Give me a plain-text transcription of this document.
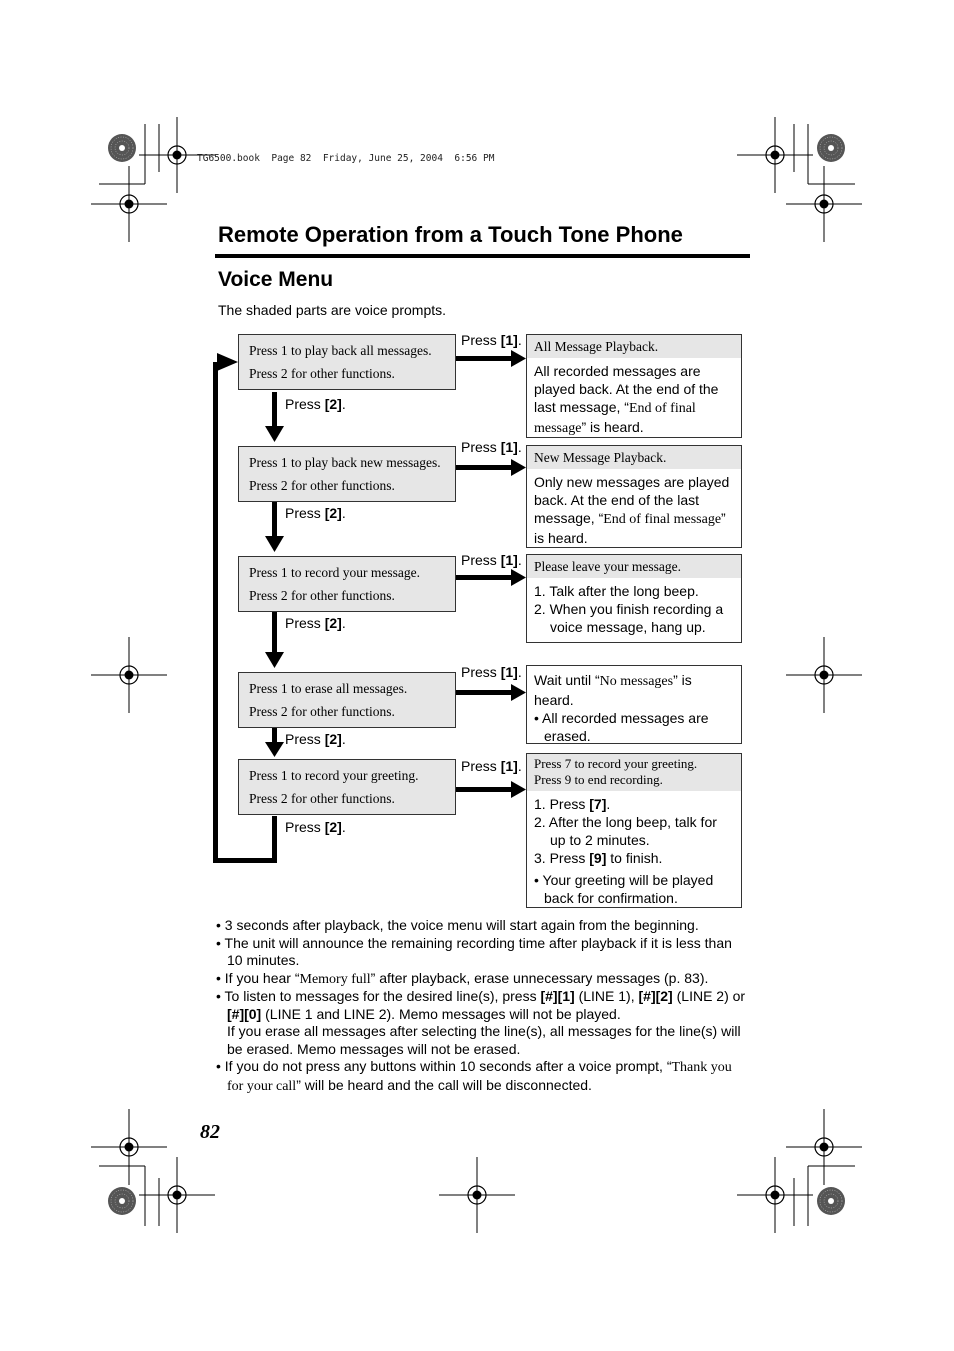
TG6500.book  Page 82  Friday, June 25, 2004  6:56 PM
Remote Operation from a Touch Tone Phone
Voice Menu
The shaded parts are voice prompts.
Press 1 to play back all messages.
Press 2 for other functions.
Press 1 to play back new messages.
Press 2 for other functions.
Press 1 to record your message.
Press 2 for other functions.
Press 1 to erase all messages.
Press 2 for other functions.
Press 1 to record your greeting.
Press 2 for other functions.
Press [2].
Press [2].
Press [2].
Press [2].
Press [2].
Press [1].
Press [1].
Press [1].
Press [1].
Press [1].
All Message Playback.
All recorded messages are played back. At the end of the last message, “End of final message” is heard.
New Message Playback.
Only new messages are played back. At the end of the last message, “End of final message” is heard.
Please leave your message.
1. Talk after the long beep.
2. When you finish recording a voice message, hang up.
Wait until “No messages” is heard.
• All recorded messages are erased.
Press 7 to record your greeting.
Press 9 to end recording.
1. Press [7].
2. After the long beep, talk for up to 2 minutes.
3. Press [9] to finish.
• Your greeting will be played back for confirmation.
• 3 seconds after playback, the voice menu will start again from the beginning.
• The unit will announce the remaining recording time after playback if it is less than 10 minutes.
• If you hear “Memory full” after playback, erase unnecessary messages (p. 83).
• To listen to messages for the desired line(s), press [#][1] (LINE 1), [#][2] (LINE 2) or [#][0] (LINE 1 and LINE 2). Memo messages will not be played.
If you erase all messages after selecting the line(s), all messages for the line(s) will be erased. Memo messages will not be erased.
• If you do not press any buttons within 10 seconds after a voice prompt, “Thank you for your call” will be heard and the call will be disconnected.
82
